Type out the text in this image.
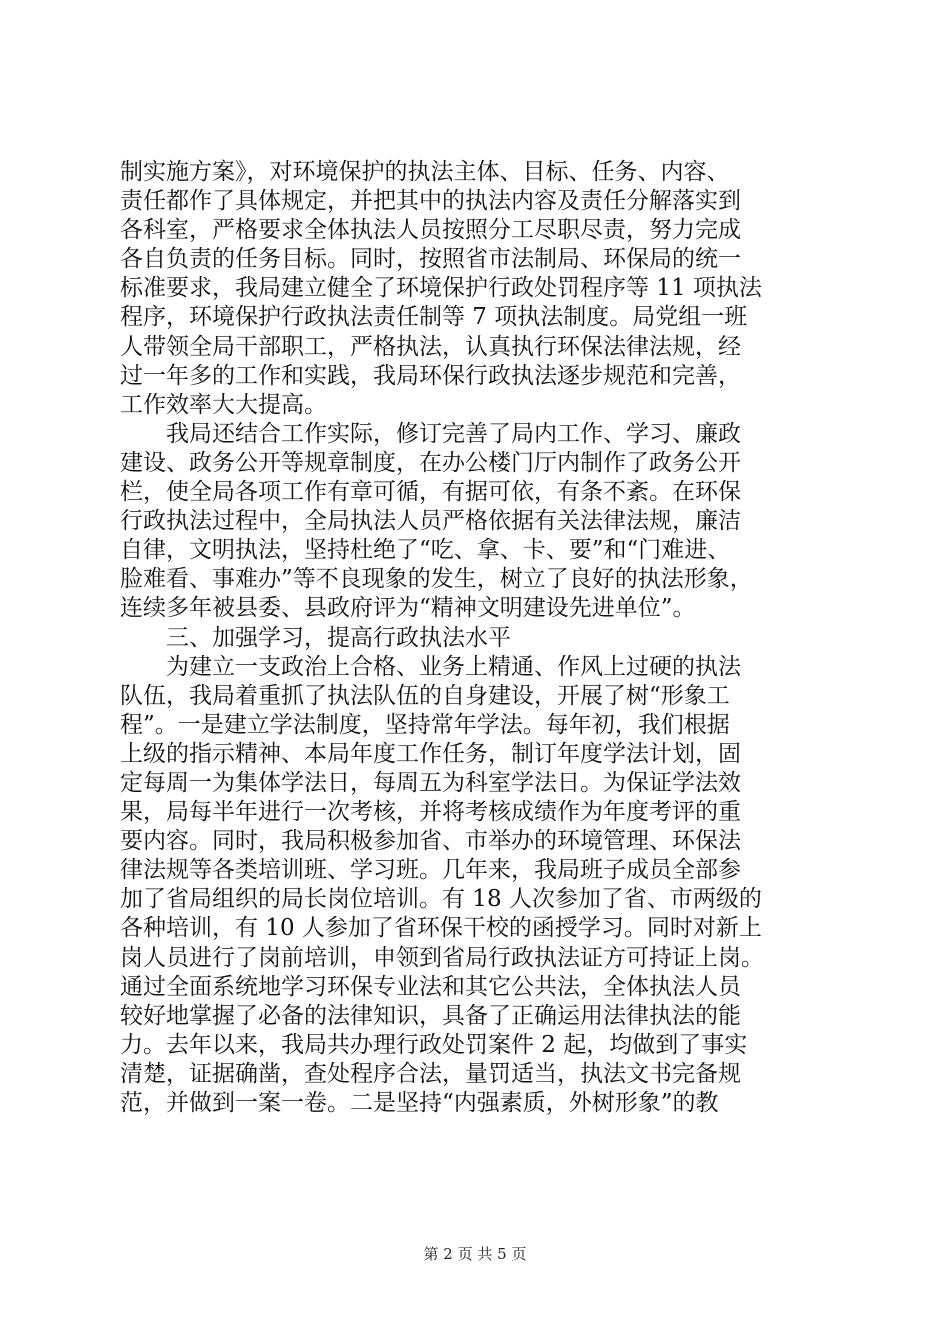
制实施方案》，对环境保护的执法主体、目标、任务、内容、
责任都作了具体规定，并把其中的执法内容及责任分解落实到
各科室，严格要求全体执法人员按照分工尽职尽责，努力完成
各自负责的任务目标。同时，按照省市法制局、环保局的统一
标准要求，我局建立健全了环境保护行政处罚程序等 11 项执法
程序，环境保护行政执法责任制等 7 项执法制度。局党组一班
人带领全局干部职工，严格执法，认真执行环保法律法规，经
过一年多的工作和实践，我局环保行政执法逐步规范和完善，
工作效率大大提高。
我局还结合工作实际，修订完善了局内工作、学习、廉政
建设、政务公开等规章制度，在办公楼门厅内制作了政务公开
栏，使全局各项工作有章可循，有据可依，有条不紊。在环保
行政执法过程中，全局执法人员严格依据有关法律法规，廉洁
自律，文明执法，坚持杜绝了“吃、拿、卡、要”和“门难进、
脸难看、事难办”等不良现象的发生，树立了良好的执法形象，
连续多年被县委、县政府评为“精神文明建设先进单位”。
三、加强学习，提高行政执法水平
为建立一支政治上合格、业务上精通、作风上过硬的执法
队伍，我局着重抓了执法队伍的自身建设，开展了树“形象工
程”。一是建立学法制度，坚持常年学法。每年初，我们根据
上级的指示精神、本局年度工作任务，制订年度学法计划，固
定每周一为集体学法日，每周五为科室学法日。为保证学法效
果，局每半年进行一次考核，并将考核成绩作为年度考评的重
要内容。同时，我局积极参加省、市举办的环境管理、环保法
律法规等各类培训班、学习班。几年来，我局班子成员全部参
加了省局组织的局长岗位培训。有 18 人次参加了省、市两级的
各种培训，有 10 人参加了省环保干校的函授学习。同时对新上
岗人员进行了岗前培训，申领到省局行政执法证方可持证上岗。
通过全面系统地学习环保专业法和其它公共法，全体执法人员
较好地掌握了必备的法律知识，具备了正确运用法律执法的能
力。去年以来，我局共办理行政处罚案件 2 起，均做到了事实
清楚，证据确凿，查处程序合法，量罚适当，执法文书完备规
范，并做到一案一卷。二是坚持“内强素质，外树形象”的教
第 2 页 共 5 页
